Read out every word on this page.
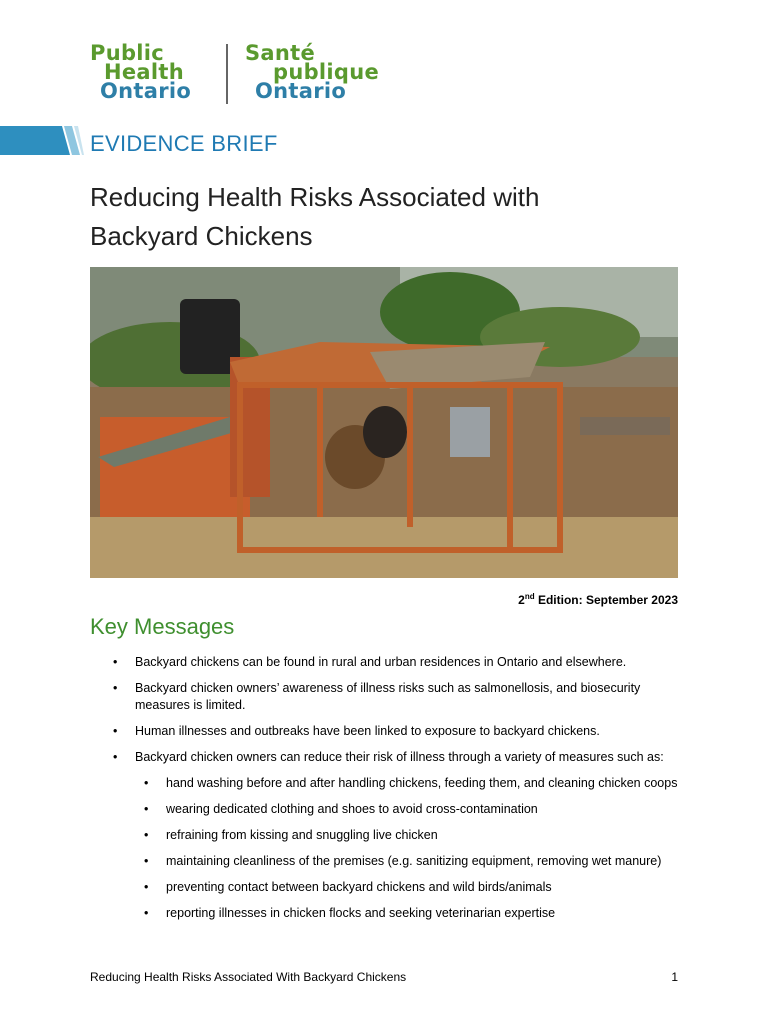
Public
Health
Ontario
Santé
publique
Ontario
EVIDENCE BRIEF
Reducing Health Risks Associated with
Backyard Chickens
2nd Edition: September 2023
Key Messages
• Backyard chickens can be found in rural and urban residences in Ontario and elsewhere.
• Backyard chicken owners’ awareness of illness risks such as salmonellosis, and biosecurity measures is limited.
• Human illnesses and outbreaks have been linked to exposure to backyard chickens.
• Backyard chicken owners can reduce their risk of illness through a variety of measures such as:
• hand washing before and after handling chickens, feeding them, and cleaning chicken coops
• wearing dedicated clothing and shoes to avoid cross-contamination
• refraining from kissing and snuggling live chicken
• maintaining cleanliness of the premises (e.g. sanitizing equipment, removing wet manure)
• preventing contact between backyard chickens and wild birds/animals
• reporting illnesses in chicken flocks and seeking veterinarian expertise
Reducing Health Risks Associated With Backyard Chickens	1
